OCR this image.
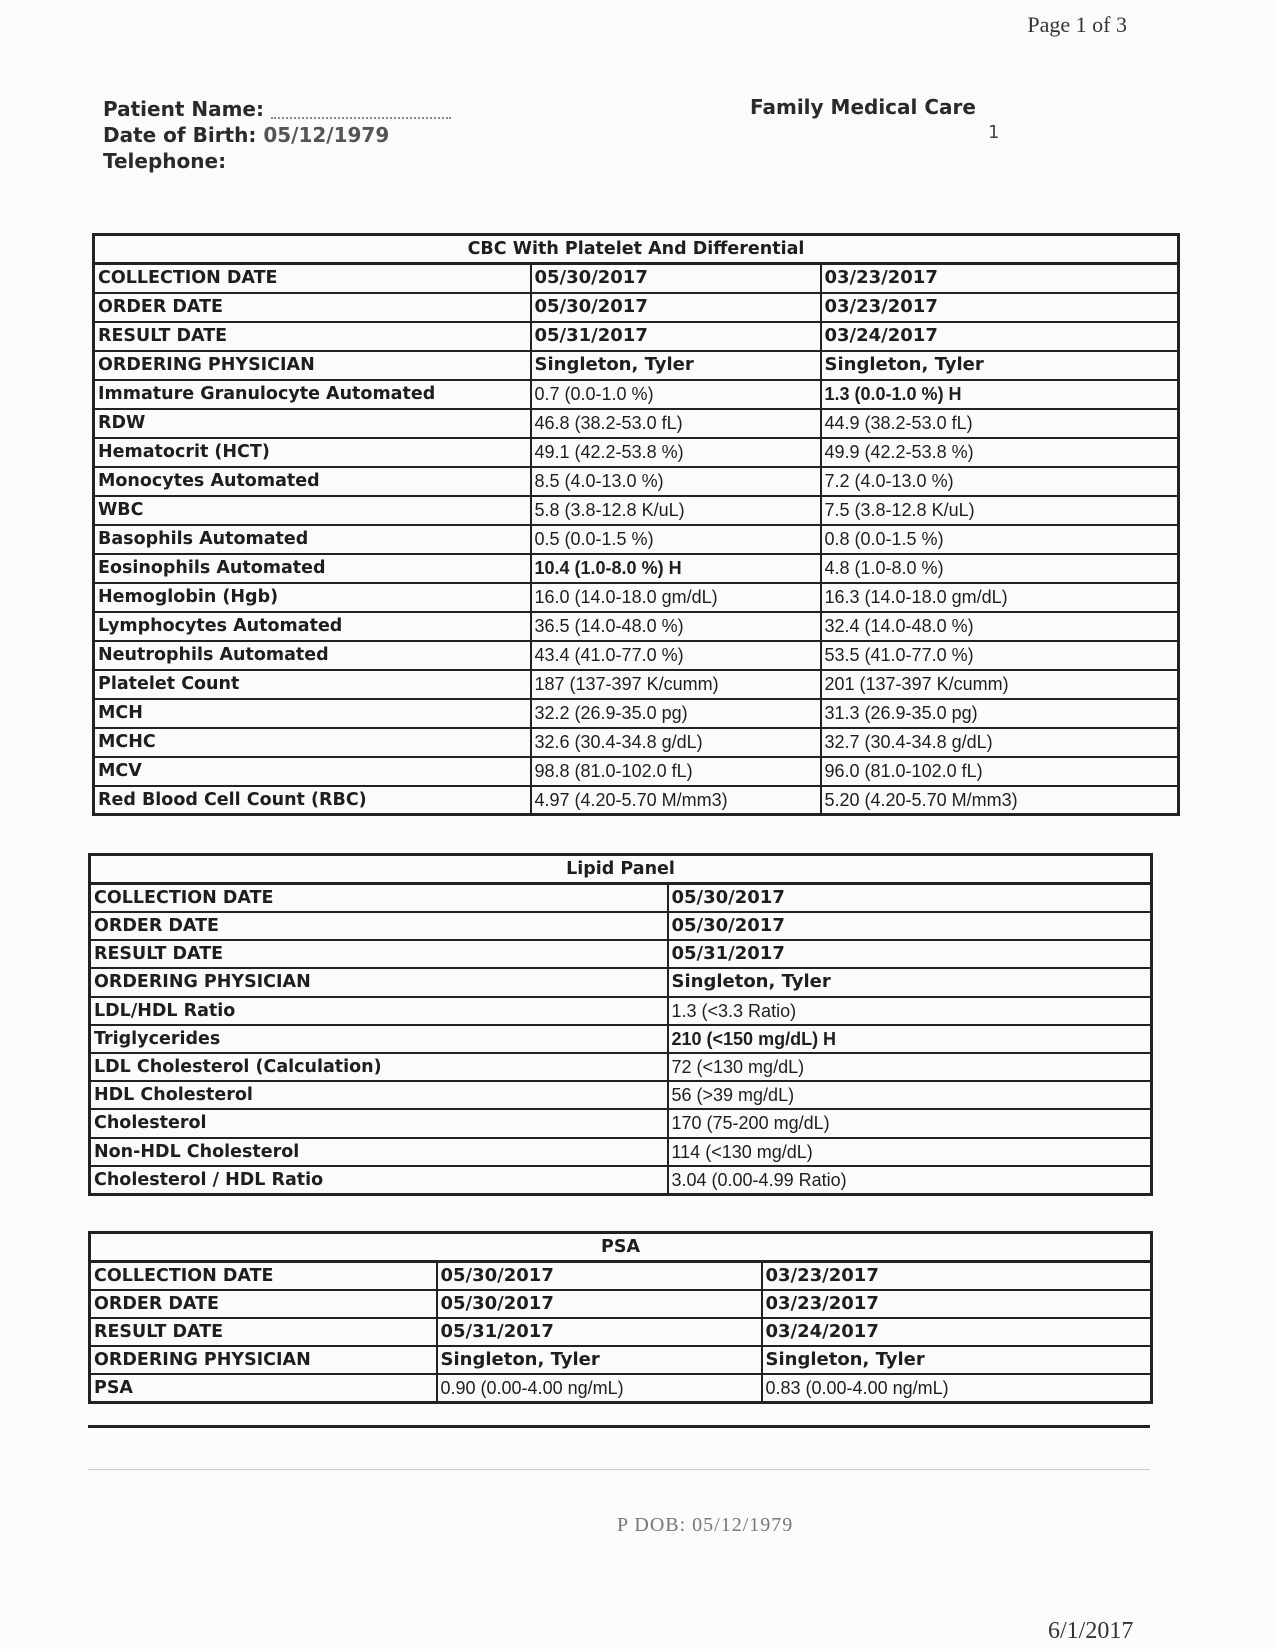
Page 1 of 3
Patient Name:
Date of Birth: 05/12/1979
Telephone:
Family Medical Care
1
CBC With Platelet And Differential		
COLLECTION DATE	05/30/2017	03/23/2017
ORDER DATE	05/30/2017	03/23/2017
RESULT DATE	05/31/2017	03/24/2017
ORDERING PHYSICIAN	Singleton, Tyler	Singleton, Tyler
Immature Granulocyte Automated	0.7 (0.0-1.0 %)	1.3 (0.0-1.0 %) H
RDW	46.8 (38.2-53.0 fL)	44.9 (38.2-53.0 fL)
Hematocrit (HCT)	49.1 (42.2-53.8 %)	49.9 (42.2-53.8 %)
Monocytes Automated	8.5 (4.0-13.0 %)	7.2 (4.0-13.0 %)
WBC	5.8 (3.8-12.8 K/uL)	7.5 (3.8-12.8 K/uL)
Basophils Automated	0.5 (0.0-1.5 %)	0.8 (0.0-1.5 %)
Eosinophils Automated	10.4 (1.0-8.0 %) H	4.8 (1.0-8.0 %)
Hemoglobin (Hgb)	16.0 (14.0-18.0 gm/dL)	16.3 (14.0-18.0 gm/dL)
Lymphocytes Automated	36.5 (14.0-48.0 %)	32.4 (14.0-48.0 %)
Neutrophils Automated	43.4 (41.0-77.0 %)	53.5 (41.0-77.0 %)
Platelet Count	187 (137-397 K/cumm)	201 (137-397 K/cumm)
MCH	32.2 (26.9-35.0 pg)	31.3 (26.9-35.0 pg)
MCHC	32.6 (30.4-34.8 g/dL)	32.7 (30.4-34.8 g/dL)
MCV	98.8 (81.0-102.0 fL)	96.0 (81.0-102.0 fL)
Red Blood Cell Count (RBC)	4.97 (4.20-5.70 M/mm3)	5.20 (4.20-5.70 M/mm3)
Lipid Panel	
COLLECTION DATE	05/30/2017
ORDER DATE	05/30/2017
RESULT DATE	05/31/2017
ORDERING PHYSICIAN	Singleton, Tyler
LDL/HDL Ratio	1.3 (<3.3 Ratio)
Triglycerides	210 (<150 mg/dL) H
LDL Cholesterol (Calculation)	72 (<130 mg/dL)
HDL Cholesterol	56 (>39 mg/dL)
Cholesterol	170 (75-200 mg/dL)
Non-HDL Cholesterol	114 (<130 mg/dL)
Cholesterol / HDL Ratio	3.04 (0.00-4.99 Ratio)
PSA		
COLLECTION DATE	05/30/2017	03/23/2017
ORDER DATE	05/30/2017	03/23/2017
RESULT DATE	05/31/2017	03/24/2017
ORDERING PHYSICIAN	Singleton, Tyler	Singleton, Tyler
PSA	0.90 (0.00-4.00 ng/mL)	0.83 (0.00-4.00 ng/mL)
P DOB: 05/12/1979
6/1/2017
